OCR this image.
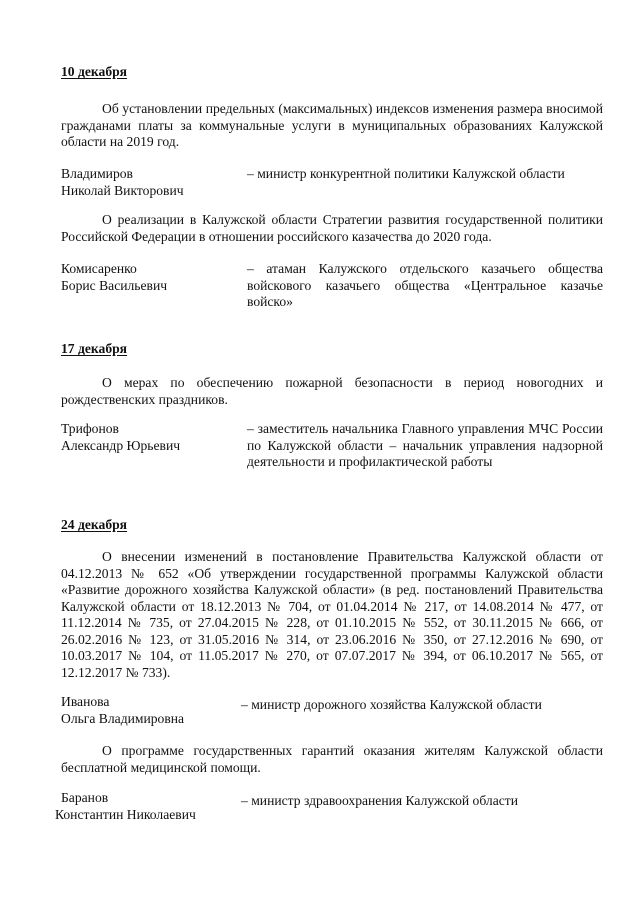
10 декабря
Об установлении предельных (максимальных) индексов изменения размера вносимой гражданами платы за коммунальные услуги в муниципальных образованиях Калужской области на 2019 год.
Владимиров
Николай Викторович
– министр конкурентной политики Калужской области
О реализации в Калужской области Стратегии развития государственной политики Российской Федерации в отношении российского казачества до 2020 года.
Комисаренко
Борис Васильевич
– атаман Калужского отдельского казачьего общества войскового казачьего общества «Центральное казачье войско»
17 декабря
О мерах по обеспечению пожарной безопасности в период новогодних и рождественских праздников.
Трифонов
Александр Юрьевич
– заместитель начальника Главного управления МЧС России по Калужской области – начальник управления надзорной деятельности и профилактической работы
24 декабря
О внесении изменений в постановление Правительства Калужской области от 04.12.2013 № 652 «Об утверждении государственной программы Калужской области «Развитие дорожного хозяйства Калужской области» (в ред. постановлений Правительства Калужской области от 18.12.2013 № 704, от 01.04.2014 № 217, от 14.08.2014 № 477, от 11.12.2014 № 735, от 27.04.2015 № 228, от 01.10.2015 № 552, от 30.11.2015 № 666, от 26.02.2016 № 123, от 31.05.2016 № 314, от 23.06.2016 № 350, от 27.12.2016 № 690, от 10.03.2017 № 104, от 11.05.2017 № 270, от 07.07.2017 № 394, от 06.10.2017 № 565, от 12.12.2017 № 733).
Иванова
Ольга Владимировна
– министр дорожного хозяйства Калужской области
О программе государственных гарантий оказания жителям Калужской области бесплатной медицинской помощи.
Баранов
Константин Николаевич
– министр здравоохранения Калужской области
